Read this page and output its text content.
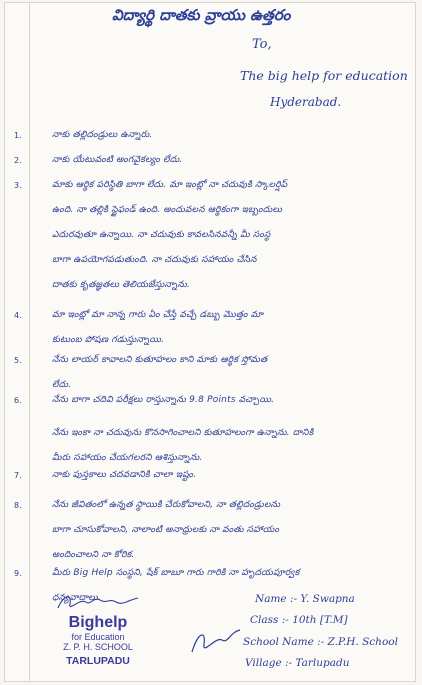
విద్యార్థి దాతకు వ్రాయు ఉత్తరం
To,
The big help for education
Hyderabad.
1.	నాకు తల్లిదండ్రులు ఉన్నారు.
2.	నాకు యేటువంటి అంగవైకల్యం లేదు.
3.	మాకు ఆర్థిక పరిస్థితి బాగా లేదు. మా ఇంట్లో నా చదువుకి స్కాలర్షిప్
ఉంది. నా తల్లికి స్టైఫండ్ ఉంది. అందువలన ఆర్థికంగా ఇబ్బందులు
ఎదురవుతూ ఉన్నాయి. నా చదువుకు కావలసినవన్నీ మీ సంస్థ
బాగా ఉపయోగపడుతుంది. నా చదువుకు సహాయం చేసిన
దాతకు కృతజ్ఞతలు తెలియజేస్తున్నాను.
4.	మా ఇంట్లో మా నాన్న గారు ఏం చేస్తే వచ్చే డబ్బు మొత్తం మా
కుటుంబ పోషణ గడుస్తున్నాయి.
5.	నేను లాయర్ కావాలని కుతూహలం కాని మాకు ఆర్థిక స్తోమత
లేదు.
6.	నేను బాగా చదివి పరీక్షలు రాస్తున్నాను 9.8 Points వచ్చాయి.
నేను ఇంకా నా చదువును కొనసాగించాలని కుతూహలంగా ఉన్నాను. దానికి
మీరు సహాయం చేయగలరని ఆశిస్తున్నాను.
7.	నాకు పుస్తకాలు చదవడానికి చాలా ఇష్టం.
8.	నేను జీవితంలో ఉన్నత స్థాయికి చేరుకోవాలని, నా తల్లిదండ్రులను
బాగా చూసుకోవాలని, నాలాంటి అనాధ్రులకు నా వంతు సహాయం
అందించాలని నా కోరిక.
9.	మీరు Big Help సంస్థని, షేక్ బాబూ గారు గారికి నా హృదయపూర్వక
ధన్యవాదాలు.	Name :- Y. Swapna
Class :- 10th [T.M]
School Name :- Z.P.H. School
Village :- Tarlupadu
Bighelp
for Education
Z. P. H. SCHOOL
TARLUPADU
